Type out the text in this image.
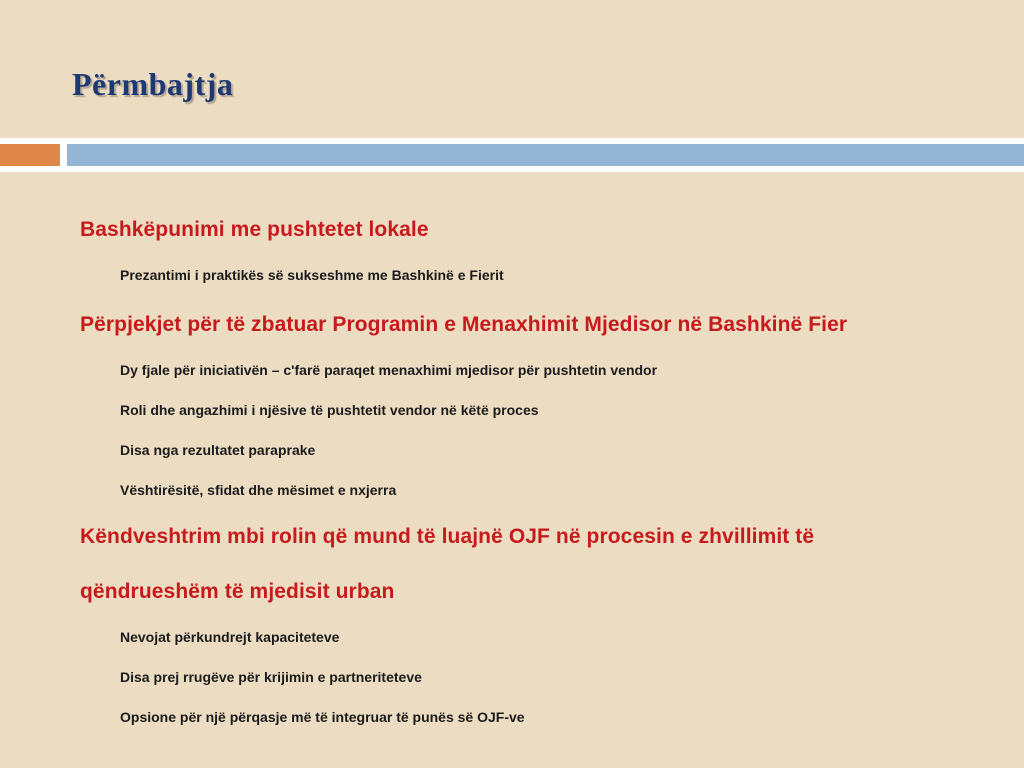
Përmbajtja

Bashkëpunimi me pushtetet lokale

Prezantimi i praktikës së sukseshme me Bashkinë e Fierit

Përpjekjet për të zbatuar Programin e Menaxhimit Mjedisor në Bashkinë Fier

Dy fjale për iniciativën – c'farë paraqet menaxhimi mjedisor për pushtetin vendor

Roli dhe angazhimi i njësive të pushtetit vendor në këtë proces

Disa nga rezultatet paraprake

Vështirësitë, sfidat dhe mësimet e nxjerra

Këndveshtrim mbi rolin që mund të luajnë OJF në procesin e zhvillimit të

qëndrueshëm të mjedisit urban

Nevojat përkundrejt kapaciteteve

Disa prej rrugëve për krijimin e partneriteteve

Opsione për një përqasje më të integruar të punës së OJF-ve
